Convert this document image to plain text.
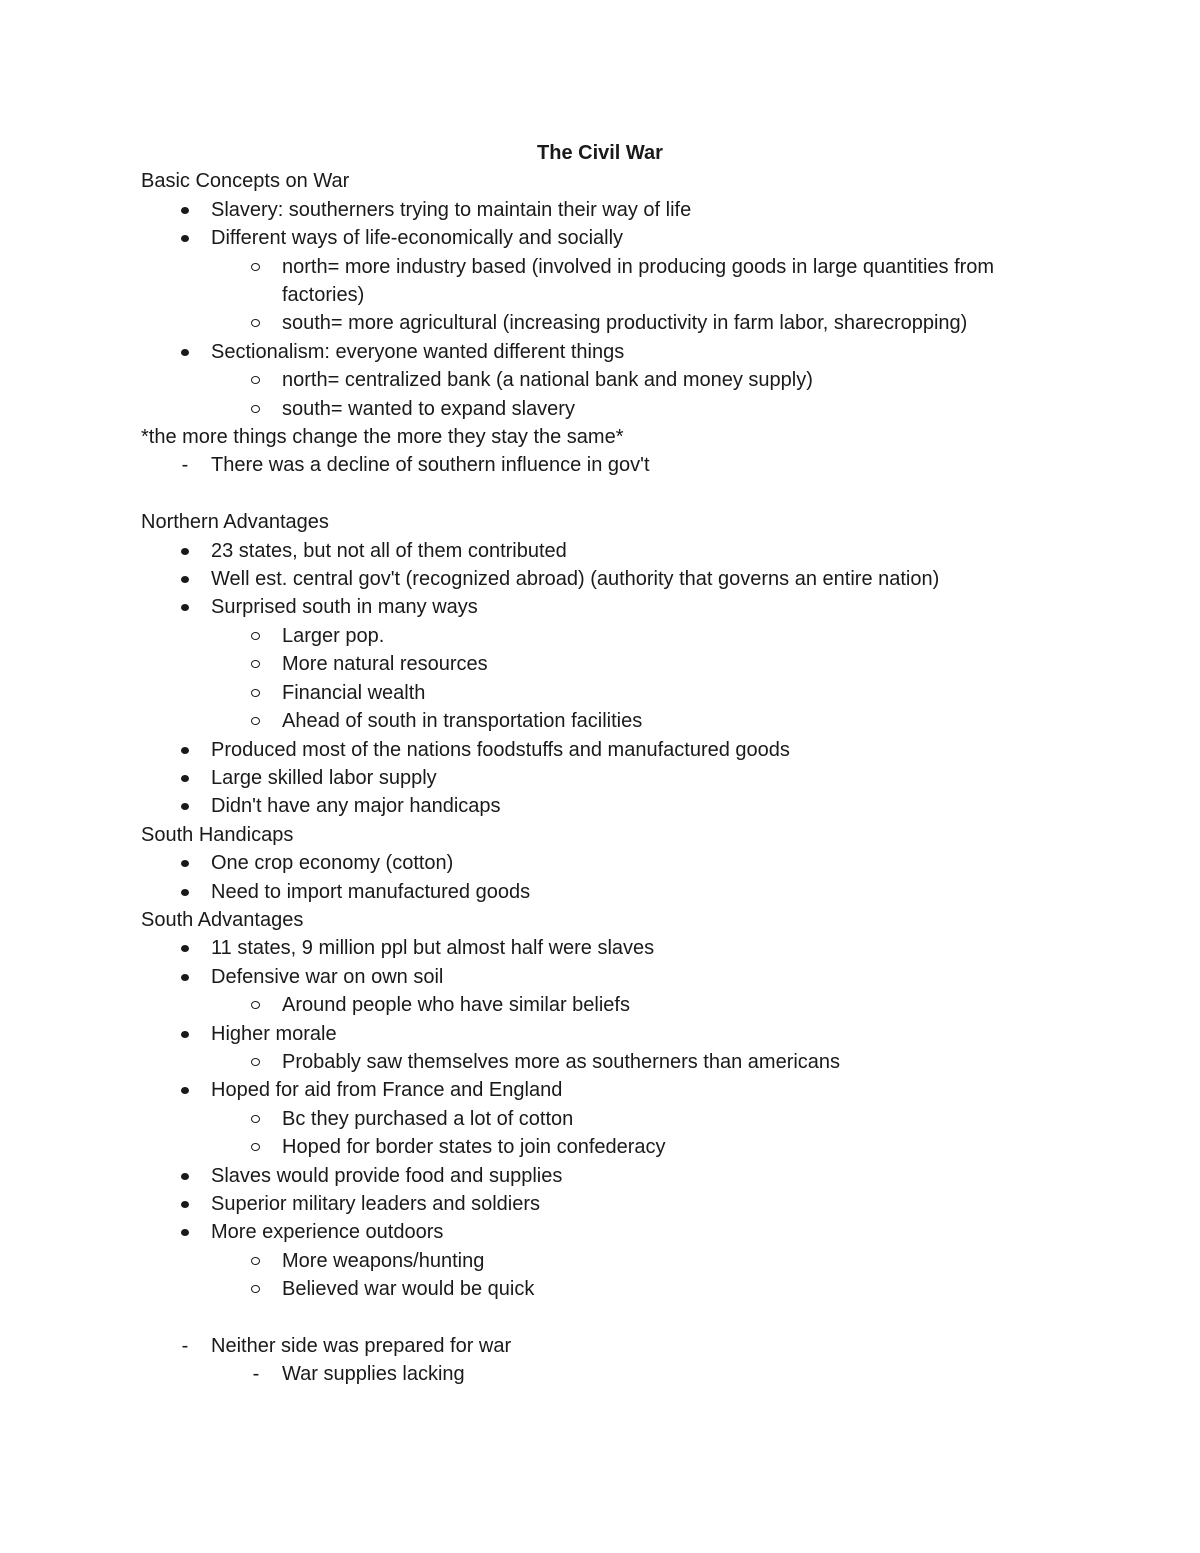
The Civil War
Basic Concepts on War
Slavery: southerners trying to maintain their way of life
Different ways of life-economically and socially
north= more industry based (involved in producing goods in large quantities from factories)
south= more agricultural (increasing productivity in farm labor, sharecropping)
Sectionalism: everyone wanted different things
north= centralized bank (a national bank and money supply)
south= wanted to expand slavery
*the more things change the more they stay the same*
-	There was a decline of southern influence in gov't
Northern Advantages
23 states, but not all of them contributed
Well est. central gov't (recognized abroad) (authority that governs an entire nation)
Surprised south in many ways
Larger pop.
More natural resources
Financial wealth
Ahead of south in transportation facilities
Produced most of the nations foodstuffs and manufactured goods
Large skilled labor supply
Didn't have any major handicaps
South Handicaps
One crop economy (cotton)
Need to import manufactured goods
South Advantages
11 states, 9 million ppl but almost half were slaves
Defensive war on own soil
Around people who have similar beliefs
Higher morale
Probably saw themselves more as southerners than americans
Hoped for aid from France and England
Bc they purchased a lot of cotton
Hoped for border states to join confederacy
Slaves would provide food and supplies
Superior military leaders and soldiers
More experience outdoors
More weapons/hunting
Believed war would be quick
-	Neither side was prepared for war
-	War supplies lacking
